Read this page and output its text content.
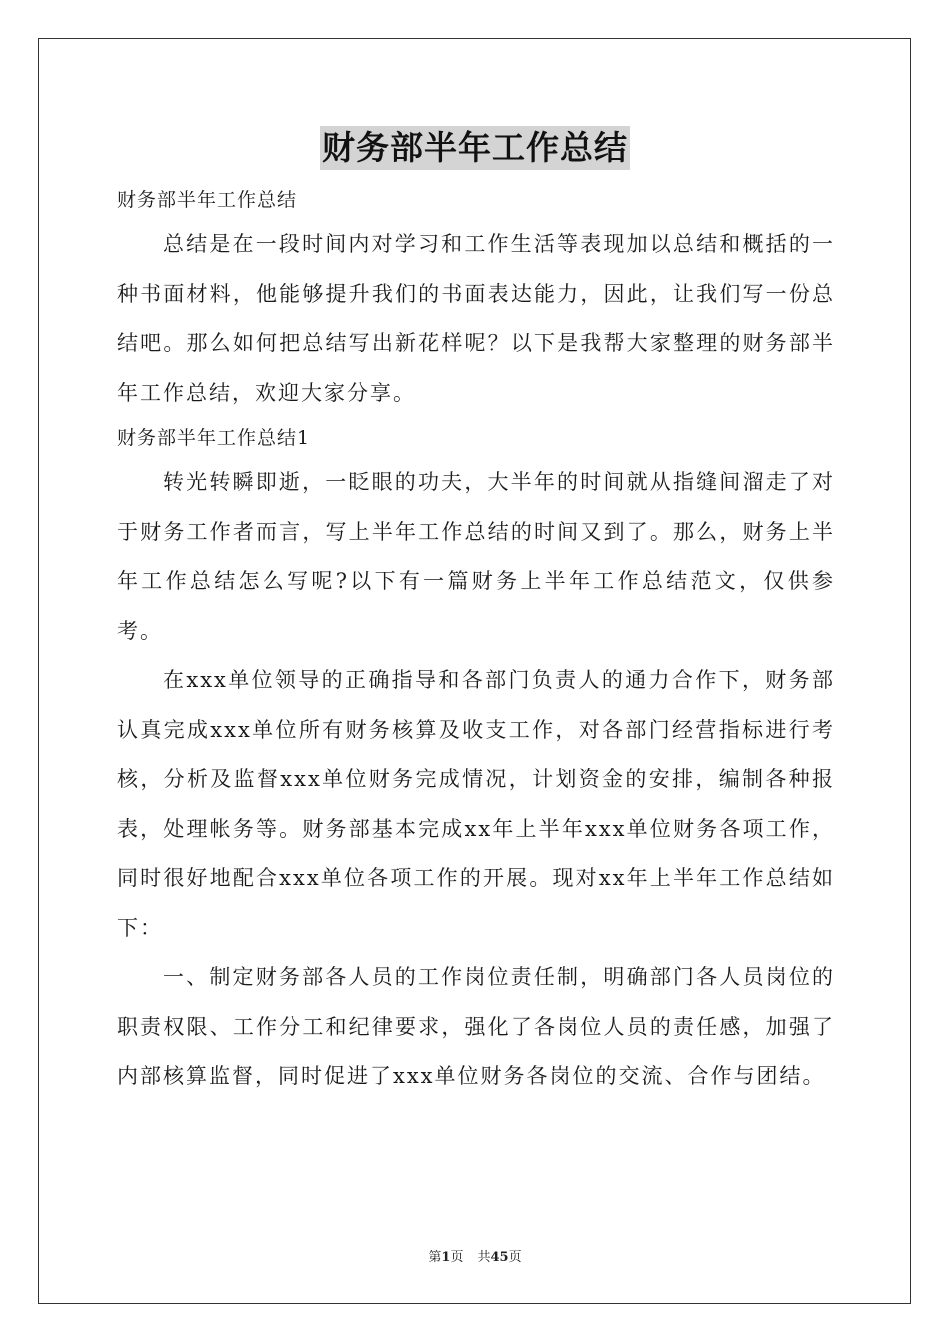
财务部半年工作总结

财务部半年工作总结

总结是在一段时间内对学习和工作生活等表现加以总结和概括的一种书面材料，他能够提升我们的书面表达能力，因此，让我们写一份总结吧。那么如何把总结写出新花样呢？以下是我帮大家整理的财务部半年工作总结，欢迎大家分享。

财务部半年工作总结1

转光转瞬即逝，一眨眼的功夫，大半年的时间就从指缝间溜走了对于财务工作者而言，写上半年工作总结的时间又到了。那么，财务上半年工作总结怎么写呢?以下有一篇财务上半年工作总结范文，仅供参考。

在xxx单位领导的正确指导和各部门负责人的通力合作下，财务部认真完成xxx单位所有财务核算及收支工作，对各部门经营指标进行考核，分析及监督xxx单位财务完成情况，计划资金的安排，编制各种报表，处理帐务等。财务部基本完成xx年上半年xxx单位财务各项工作，同时很好地配合xxx单位各项工作的开展。现对xx年上半年工作总结如下：

一、制定财务部各人员的工作岗位责任制，明确部门各人员岗位的职责权限、工作分工和纪律要求，强化了各岗位人员的责任感，加强了内部核算监督，同时促进了xxx单位财务各岗位的交流、合作与团结。

第1页 共45页
